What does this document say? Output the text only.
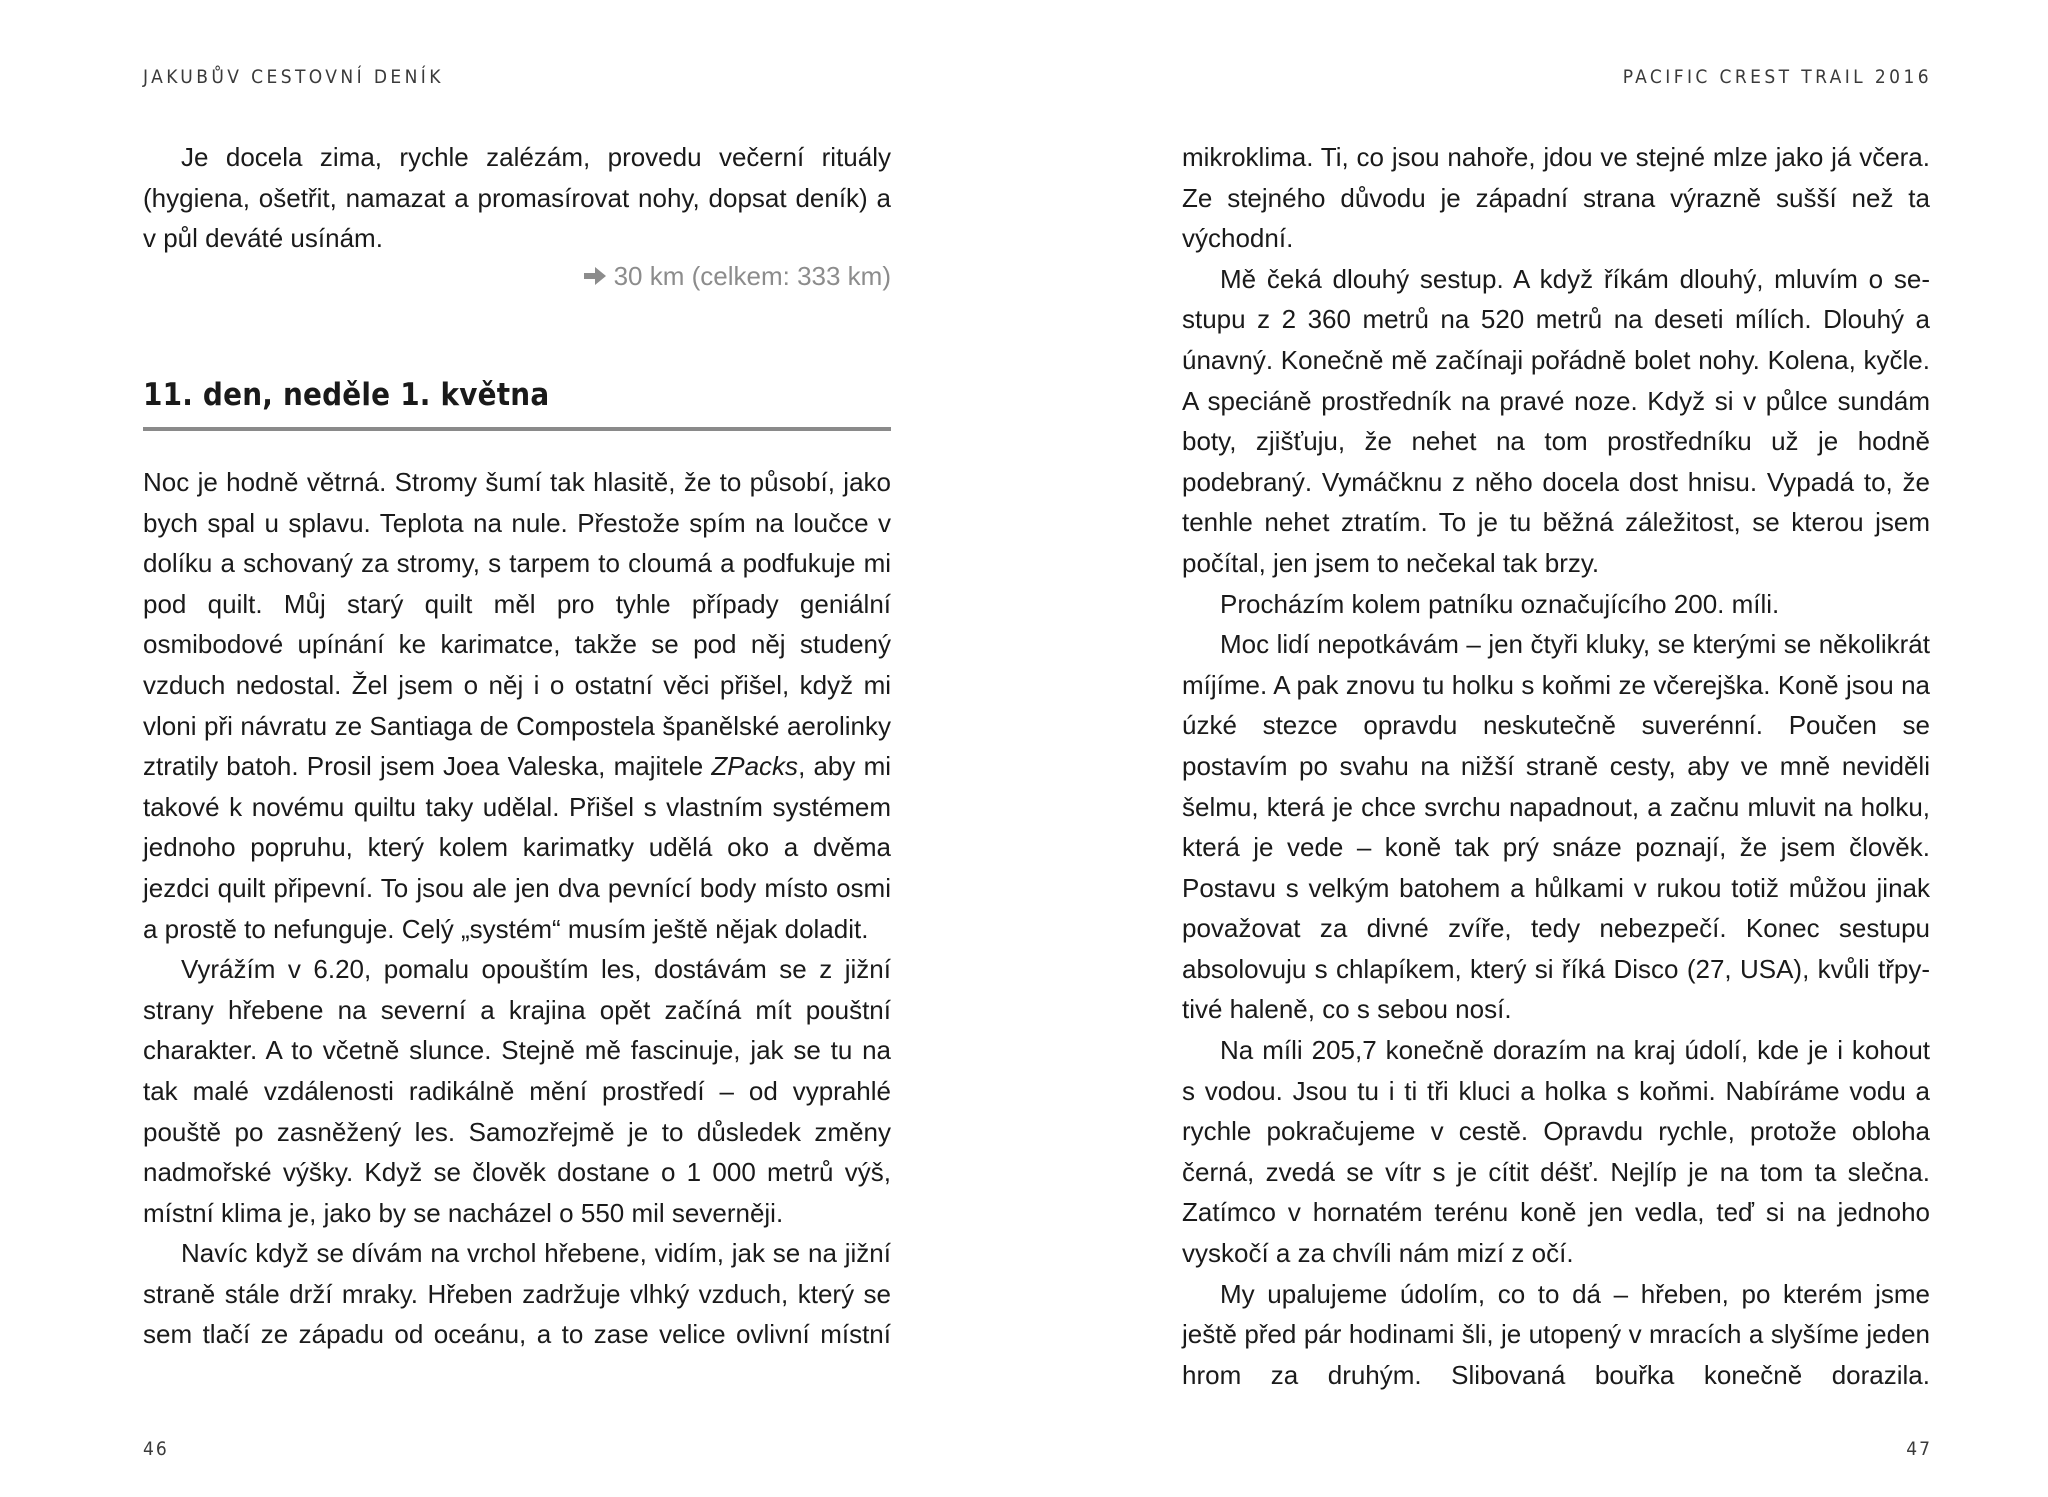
JAKUBŮV CESTOVNÍ DENÍK

Je docela zima, rychle zalézám, provedu večerní rituály (hygiena, ošetřit, namazat a promasírovat nohy, dopsat deník) a v půl deváté usínám.

30 km (celkem: 333 km)
11. den, neděle 1. května

Noc je hodně větrná. Stromy šumí tak hlasitě, že to působí, jako bych spal u splavu. Teplota na nule. Přestože spím na loučce v dolíku a schovaný za stromy, s tarpem to cloumá a podfukuje mi pod quilt. Můj starý quilt měl pro tyhle případy geniální osmibodové upínání ke karimatce, takže se pod něj studený vzduch nedostal. Žel jsem o něj i o ostatní věci přišel, když mi vloni při návratu ze Santiaga de Compostela španělské aerolinky ztratily batoh. Prosil jsem Joea Valeska, majitele ZPacks, aby mi takové k novému quiltu taky udělal. Přišel s vlastním systémem jednoho popruhu, který kolem karimatky udělá oko a dvěma jezdci quilt připevní. To jsou ale jen dva pevnící body místo osmi a prostě to nefunguje. Celý „systém“ musím ještě nějak doladit.

Vyrážím v 6.20, pomalu opouštím les, dostávám se z jižní strany hřebene na severní a krajina opět začíná mít pouštní charakter. A to včetně slunce. Stejně mě fascinuje, jak se tu na tak malé vzdálenosti radikálně mění prostředí – od vyprahlé pouště po zasněžený les. Samozřejmě je to důsledek změny nadmořské výšky. Když se člověk dostane o 1 000 metrů výš, místní klima je, jako by se nacházel o 550 mil severněji.

Navíc když se dívám na vrchol hřebene, vidím, jak se na jižní straně stále drží mraky. Hřeben zadržuje vlhký vzduch, který se sem tlačí ze západu od oceánu, a to zase velice ovlivní místní

46
PACIFIC CREST TRAIL 2016

mikroklima. Ti, co jsou nahoře, jdou ve stejné mlze jako já včera. Ze stejného důvodu je západní strana výrazně sušší než ta východní.

Mě čeká dlouhý sestup. A když říkám dlouhý, mluvím o sestupu z 2 360 metrů na 520 metrů na deseti mílích. Dlouhý a únavný. Konečně mě začínaji pořádně bolet nohy. Kolena, kyčle. A speciáně prostředník na pravé noze. Když si v půlce sundám boty, zjišťuju, že nehet na tom prostředníku už je hodně podebraný. Vymáčknu z něho docela dost hnisu. Vypadá to, že tenhle nehet ztratím. To je tu běžná záležitost, se kterou jsem počítal, jen jsem to nečekal tak brzy.

Procházím kolem patníku označujícího 200. míli.

Moc lidí nepotkávám – jen čtyři kluky, se kterými se několikrát míjíme. A pak znovu tu holku s koňmi ze včerejška. Koně jsou na úzké stezce opravdu neskutečně suverénní. Poučen se postavím po svahu na nižší straně cesty, aby ve mně neviděli šelmu, která je chce svrchu napadnout, a začnu mluvit na holku, která je vede – koně tak prý snáze poznají, že jsem člověk. Postavu s velkým batohem a hůlkami v rukou totiž můžou jinak považovat za divné zvíře, tedy nebezpečí. Konec sestupu absolovuju s chlapíkem, který si říká Disco (27, USA), kvůli třpytivé haleně, co s sebou nosí.

Na míli 205,7 konečně dorazím na kraj údolí, kde je i kohout s vodou. Jsou tu i ti tři kluci a holka s koňmi. Nabíráme vodu a rychle pokračujeme v cestě. Opravdu rychle, protože obloha černá, zvedá se vítr s je cítit déšť. Nejlíp je na tom ta slečna. Zatímco v hornatém terénu koně jen vedla, teď si na jednoho vyskočí a za chvíli nám mizí z očí.

My upalujeme údolím, co to dá – hřeben, po kterém jsme ještě před pár hodinami šli, je utopený v mracích a slyšíme jeden hrom za druhým. Slibovaná bouřka konečně dorazila.

47
